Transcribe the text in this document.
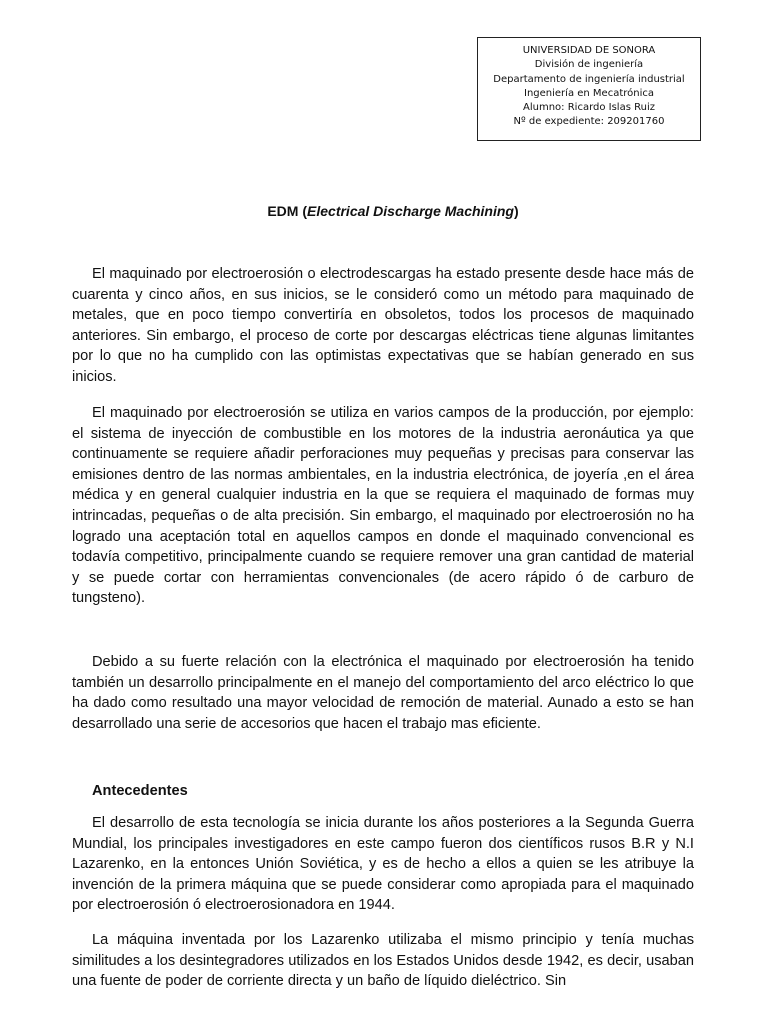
UNIVERSIDAD DE SONORA
División de ingeniería
Departamento de ingeniería industrial
Ingeniería en Mecatrónica
Alumno: Ricardo Islas Ruiz
Nº de expediente: 209201760
EDM (Electrical Discharge Machining)

El maquinado por electroerosión o electrodescargas ha estado presente desde hace más de cuarenta y cinco años, en sus inicios, se le consideró como un método para maquinado de metales, que en poco tiempo convertiría en obsoletos, todos los procesos de maquinado anteriores. Sin embargo, el proceso de corte por descargas eléctricas tiene algunas limitantes por lo que no ha cumplido con las optimistas expectativas que se habían generado en sus inicios.

El maquinado por electroerosión se utiliza en varios campos de la producción, por ejemplo: el sistema de inyección de combustible en los motores de la industria aeronáutica ya que continuamente se requiere añadir perforaciones muy pequeñas y precisas para conservar las emisiones dentro de las normas ambientales, en la industria electrónica, de joyería ,en el área médica y en general cualquier industria en la que se requiera el maquinado de formas muy intrincadas, pequeñas o de alta precisión. Sin embargo, el maquinado por electroerosión no ha logrado una aceptación total en aquellos campos en donde el maquinado convencional es todavía competitivo, principalmente cuando se requiere remover una gran cantidad de material y se puede cortar con herramientas convencionales (de acero rápido ó de carburo de tungsteno).

Debido a su fuerte relación con la electrónica el maquinado por electroerosión ha tenido también un desarrollo principalmente en el manejo del comportamiento del arco eléctrico lo que ha dado como resultado una mayor velocidad de remoción de material. Aunado a esto se han desarrollado una serie de accesorios que hacen el trabajo mas eficiente.

Antecedentes

El desarrollo de esta tecnología se inicia durante los años posteriores a la Segunda Guerra Mundial, los principales investigadores en este campo fueron dos científicos rusos B.R y N.I Lazarenko, en la entonces Unión Soviética, y es de hecho a ellos a quien se les atribuye la invención de la primera máquina que se puede considerar como apropiada para el maquinado por electroerosión ó electroerosionadora en 1944.

La máquina inventada por los Lazarenko utilizaba el mismo principio y tenía muchas similitudes a los desintegradores utilizados en los Estados Unidos desde 1942, es decir, usaban una fuente de poder de corriente directa y un baño de líquido dieléctrico. Sin
